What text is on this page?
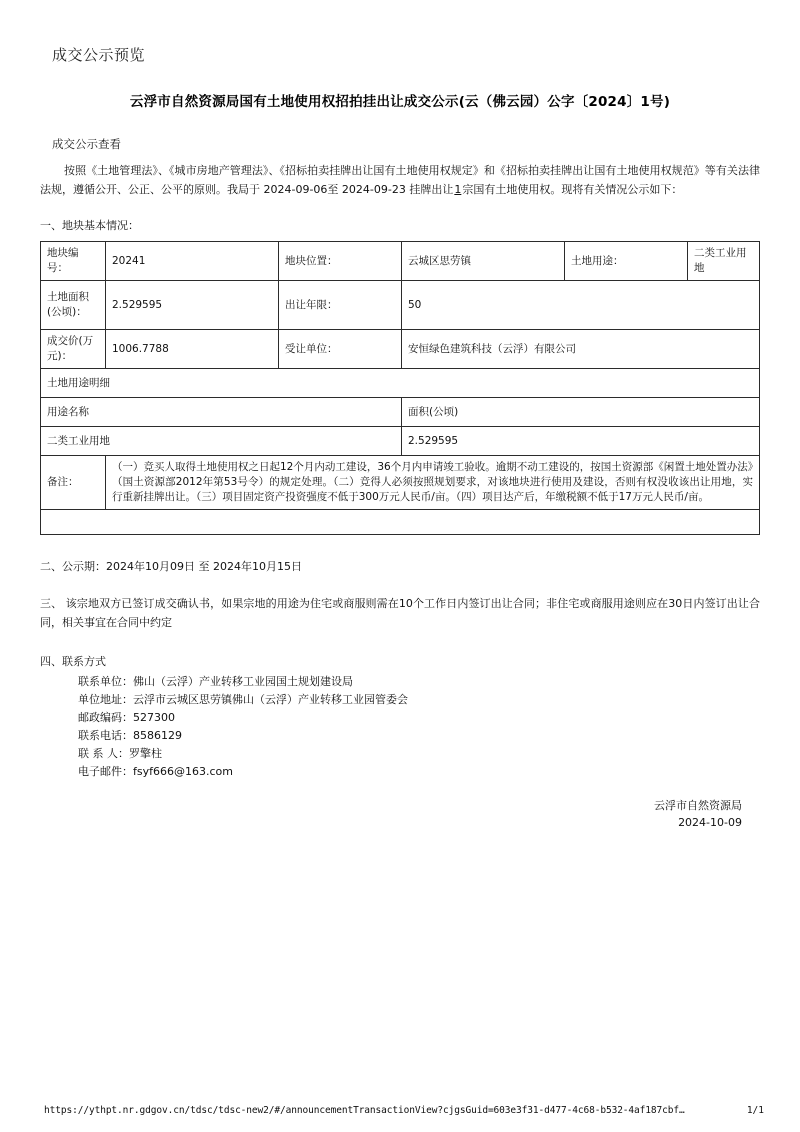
成交公示预览
云浮市自然资源局国有土地使用权招拍挂出让成交公示(云（佛云园）公字〔2024〕1号)
成交公示查看

按照《土地管理法》、《城市房地产管理法》、《招标拍卖挂牌出让国有土地使用权规定》和《招标拍卖挂牌出让国有土地使用权规范》等有关法律法规，遵循公开、公正、公平的原则。我局于 2024-09-06至 2024-09-23 挂牌出让1宗国有土地使用权。现将有关情况公示如下：

一、地块基本情况：
地块编号：	20241	地块位置：	云城区思劳镇	土地用途：	二类工业用地
土地面积(公顷)：	2.529595	出让年限：	50		
成交价(万元)：	1006.7788	受让单位：	安恒绿色建筑科技（云浮）有限公司		
土地用途明细					
用途名称			面积(公顷)		
二类工业用地			2.529595		
备注：	（一）竞买人取得土地使用权之日起12个月内动工建设，36个月内申请竣工验收。逾期不动工建设的，按国土资源部《闲置土地处置办法》（国土资源部2012年第53号令）的规定处理。（二）竞得人必须按照规划要求，对该地块进行使用及建设，否则有权没收该出让用地，实行重新挂牌出让。（三）项目固定资产投资强度不低于300万元人民币/亩。（四）项目达产后，年缴税额不低于17万元人民币/亩。				

二、公示期：2024年10月09日 至 2024年10月15日
三、 该宗地双方已签订成交确认书，如果宗地的用途为住宅或商服则需在10个工作日内签订出让合同；非住宅或商服用途则应在30日内签订出让合同，相关事宜在合同中约定
四、联系方式
联系单位：佛山（云浮）产业转移工业园国土规划建设局
单位地址：云浮市云城区思劳镇佛山（云浮）产业转移工业园管委会
邮政编码：527300
联系电话：8586129
联 系 人：罗擎柱
电子邮件：fsyf666@163.com
云浮市自然资源局
2024-10-09
https://ythpt.nr.gdgov.cn/tdsc/tdsc-new2/#/announcementTransactionView?cjgsGuid=603e3f31-d477-4c68-b532-4af187cbf…	1/1
